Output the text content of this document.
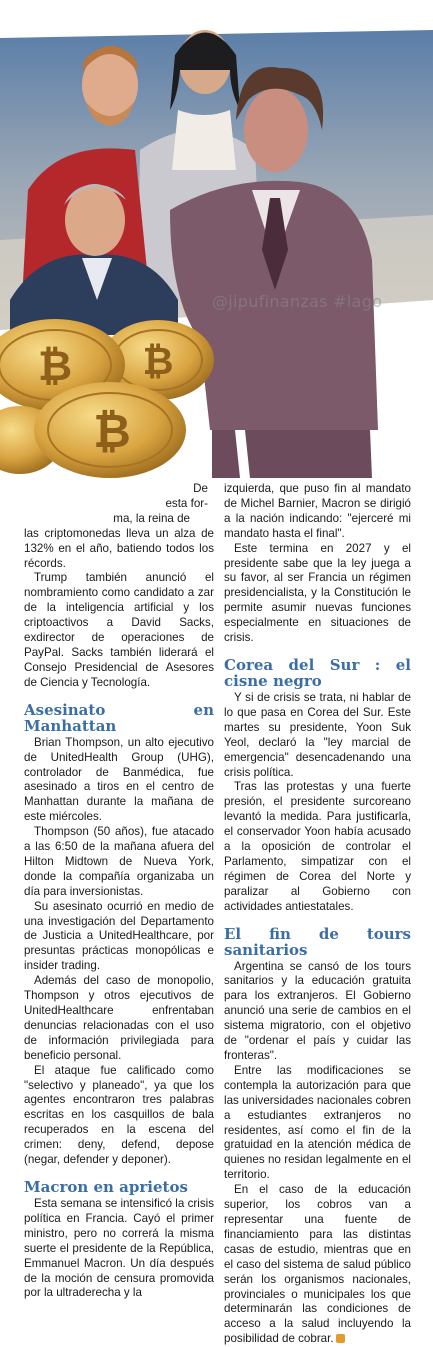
₿
₿
₿
@jipufinanzas #lago
De
esta for-
ma, la reina de

las criptomonedas lleva un alza de 132% en el año, batiendo todos los récords.

Trump también anunció el nombramiento como candidato a zar de la inteligencia artificial y los criptoactivos a David Sacks, exdirector de operaciones de PayPal. Sacks también liderará el Consejo Presidencial de Asesores de Ciencia y Tecnología.

Asesinato en Manhattan

Brian Thompson, un alto ejecutivo de UnitedHealth Group (UHG), controlador de Banmédica, fue asesinado a tiros en el centro de Manhattan durante la mañana de este miércoles.

Thompson (50 años), fue atacado a las 6:50 de la mañana afuera del Hilton Midtown de Nueva York, donde la compañía organizaba un día para inversionistas.

Su asesinato ocurrió en medio de una investigación del Departamento de Justicia a UnitedHealthcare, por presuntas prácticas monopólicas e insider trading.

Además del caso de monopolio, Thompson y otros ejecutivos de UnitedHealthcare enfrentaban denuncias relacionadas con el uso de información privilegiada para beneficio personal.

El ataque fue calificado como "selectivo y planeado", ya que los agentes encontraron tres palabras escritas en los casquillos de bala recuperados en la escena del crimen: deny, defend, depose (negar, defender y deponer).

Macron en aprietos

Esta semana se intensificó la crisis política en Francia. Cayó el primer ministro, pero no correrá la misma suerte el presidente de la República, Emmanuel Macron. Un día después de la moción de censura promovida por la ultraderecha y la

izquierda, que puso fin al mandato de Michel Barnier, Macron se dirigió a la nación indicando: "ejerceré mi mandato hasta el final".

Este termina en 2027 y el presidente sabe que la ley juega a su favor, al ser Francia un régimen presidencialista, y la Constitución le permite asumir nuevas funciones especialmente en situaciones de crisis.

Corea del Sur : el cisne negro

Y si de crisis se trata, ni hablar de lo que pasa en Corea del Sur. Este martes su presidente, Yoon Suk Yeol, declaró la "ley marcial de emergencia" desencadenando una crisis política.

Tras las protestas y una fuerte presión, el presidente surcoreano levantó la medida. Para justificarla, el conservador Yoon había acusado a la oposición de controlar el Parlamento, simpatizar con el régimen de Corea del Norte y paralizar al Gobierno con actividades antiestatales.

El fin de tours sanitarios

Argentina se cansó de los tours sanitarios y la educación gratuita para los extranjeros. El Gobierno anunció una serie de cambios en el sistema migratorio, con el objetivo de "ordenar el país y cuidar las fronteras".

Entre las modificaciones se contempla la autorización para que las universidades nacionales cobren a estudiantes extranjeros no residentes, así como el fin de la gratuidad en la atención médica de quienes no residan legalmente en el territorio.

En el caso de la educación superior, los cobros van a representar una fuente de financiamiento para las distintas casas de estudio, mientras que en el caso del sistema de salud público serán los organismos nacionales, provinciales o municipales los que determinarán las condiciones de acceso a la salud incluyendo la posibilidad de cobrar.
